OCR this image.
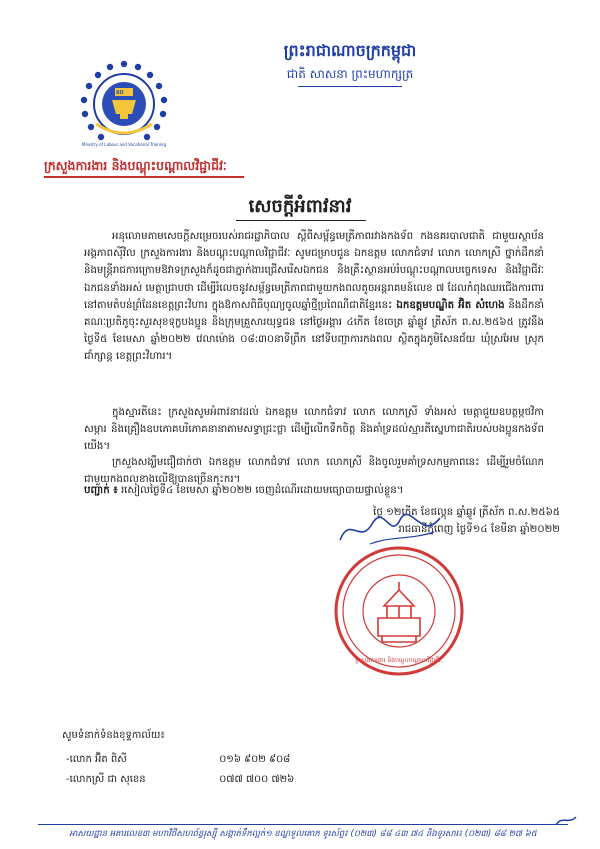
ខប
Ministry of Labour and Vocational Training
ព្រះរាជាណាចក្រកម្ពុជា
ជាតិ សាសនា ព្រះមហាក្សត្រ
ក្រសួងការងារ និងបណ្តុះបណ្តាលវិជ្ជាជីវៈ
សេចក្តីអំពាវនាវ
អនុលោមតាមសេចក្តីសម្រេចរបស់រាជរដ្ឋាភិបាល ស្តីពីសម្ព័ន្ធមេត្រីភាពរវាងកងទ័ព កងនគរបាលជាតិ ជាមួយស្ថាប័ន អង្គភាពស៊ីវិល ក្រសួងការងារ និងបណ្តុះបណ្តាលវិជ្ជាជីវៈ សូមជម្រាបជូន ឯកឧត្តម លោកជំទាវ លោក លោកស្រី ថ្នាក់ដឹកនាំ និងមន្ត្រីរាជការក្រោមឱវាទក្រសួងក៏ដូចជាភ្នាក់ងារជ្រើសរើសឯកជន និងគ្រឹះស្ថានអប់រំបណ្តុះបណ្តាលបច្ចេកទេស និងវិជ្ជាជីវៈឯកជនទាំងអស់ មេត្តាជ្រាបថា ដើម្បីរំលេចនូវសម្ព័ន្ធមេត្រីភាពជាមួយកងពលតូចអន្តរាគមន៍លេខ ៧ ដែលកំពុងឈរជើងការពារនៅតាមតំបន់ព្រំដែនខេត្តព្រះវិហារ ក្នុងឱកាសពិធីបុណ្យចូលឆ្នាំថ្មីប្រពៃណីជាតិខ្មែរនេះ ឯកឧត្តមបណ្ឌិត អ៊ិត សំហេង និងដឹកនាំគណៈប្រតិភូចុះសួរសុខទុក្ខបងប្អូន និងក្រុមគ្រួសារយុទ្ធជន នៅថ្ងៃអង្គារ ៤កើត ខែចេត្រ ឆ្នាំឆ្លូវ ត្រីស័ក ព.ស.២៥៦៥ ត្រូវនឹងថ្ងៃទី៥ ខែមេសា ឆ្នាំ២០២២ វេលាម៉ោង ០៨:៣០នាទីព្រឹក នៅទីបញ្ជាការកងពល ស្ថិតក្នុងភូមិសែនជ័យ ឃុំស្រអែម ស្រុកជាំក្សាន្ត ខេត្តព្រះវិហារ។
ក្នុងស្មារតីនេះ ក្រសួងសូមអំពាវនាវដល់ ឯកឧត្តម លោកជំទាវ លោក លោកស្រី ទាំងអស់ មេត្តាជួយឧបត្ថម្ភថវិកា សម្ភារ និងគ្រឿងឧបភោគបរិភោគនានាតាមសទ្ធាជ្រះថ្លា ដើម្បីលើកទឹកចិត្ត និងគាំទ្រដល់ស្មារតីស្នេហាជាតិរបស់បងប្អូនកងទ័ពយើង។
ក្រសួងសង្ឃឹមជឿជាក់ថា ឯកឧត្តម លោកជំទាវ លោក លោកស្រី និងចូលរួមគាំទ្រសកម្មភាពនេះ ដើម្បីរួមចំណែកជាមួយកងពលខាងលើឱ្យបានច្រើនកុះករ។
បញ្ជាក់ ៖ រសៀលថ្ងៃទី៤ ខែមេសា ឆ្នាំ២០២២ ចេញដំណើរដោយមធ្យោបាយផ្ទាល់ខ្លួន។
ថ្ងៃ ១២កើត ខែផល្គុន ឆ្នាំឆ្លូវ ត្រីស័ក ព.ស.២៥៦៥
រាជធានីភ្នំពេញ ថ្ងៃទី១៤ ខែមីនា ឆ្នាំ២០២២
ក្រសួងការងារ និងបណ្តុះបណ្តាលវិជ្ជាជីវៈ
សូមទំនាក់ទំនងខុទ្ទកាល័យ៖
-លោក អ៊ិត ពិសី	០១៦ ៩០២ ៩០៨
-លោកស្រី ជា សុខេន	០៧៧ ៧០០ ៧២៦
អាសយដ្ឋាន អគារលេខ៣ មហាវិថីសហព័ន្ធរុស្ស៊ី សង្កាត់ទឹកល្អក់១ ខណ្ឌទួលគោក ទូរស័ព្ទ៖ (០២៣) ៨៨ ៤៣ ៧៤ និងទូរសារ៖ (០២៣) ៨៨ ២៧ ៦៥
